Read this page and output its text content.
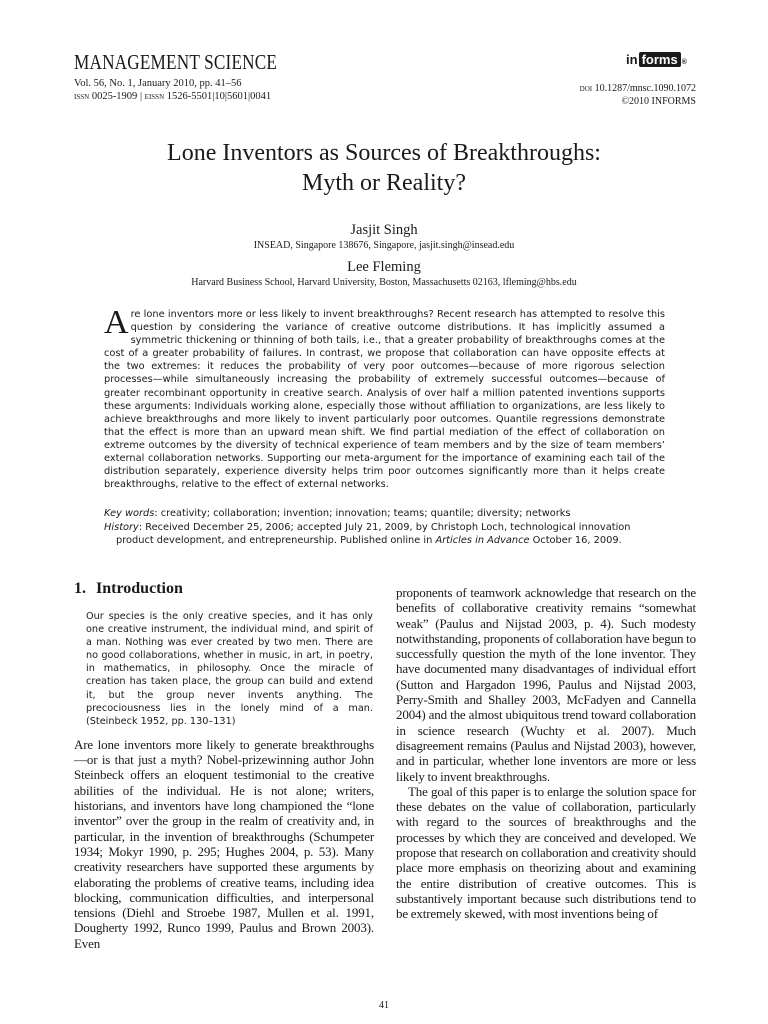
MANAGEMENT SCIENCE
Vol. 56, No. 1, January 2010, pp. 41–56
issn 0025-1909 | eissn 1526-5501|10|5601|0041
in forms ®
doi 10.1287/mnsc.1090.1072
©2010 INFORMS
Lone Inventors as Sources of Breakthroughs:
Myth or Reality?
Jasjit Singh
INSEAD, Singapore 138676, Singapore, jasjit.singh@insead.edu
Lee Fleming
Harvard Business School, Harvard University, Boston, Massachusetts 02163, lfleming@hbs.edu
Are lone inventors more or less likely to invent breakthroughs? Recent research has attempted to resolve this question by considering the variance of creative outcome distributions. It has implicitly assumed a symmetric thickening or thinning of both tails, i.e., that a greater probability of breakthroughs comes at the cost of a greater probability of failures. In contrast, we propose that collaboration can have opposite effects at the two extremes: it reduces the probability of very poor outcomes—because of more rigorous selection processes—while simultaneously increasing the probability of extremely successful outcomes—because of greater recombinant opportunity in creative search. Analysis of over half a million patented inventions supports these arguments: Individuals working alone, especially those without affiliation to organizations, are less likely to achieve breakthroughs and more likely to invent particularly poor outcomes. Quantile regressions demonstrate that the effect is more than an upward mean shift. We find partial mediation of the effect of collaboration on extreme outcomes by the diversity of technical experience of team members and by the size of team members’ external collaboration networks. Supporting our meta-argument for the importance of examining each tail of the distribution separately, experience diversity helps trim poor outcomes significantly more than it helps create breakthroughs, relative to the effect of external networks.
Key words: creativity; collaboration; invention; innovation; teams; quantile; diversity; networks
History: Received December 25, 2006; accepted July 21, 2009, by Christoph Loch, technological innovation product development, and entrepreneurship. Published online in Articles in Advance October 16, 2009.
1. Introduction
Our species is the only creative species, and it has only one creative instrument, the individual mind, and spirit of a man. Nothing was ever created by two men. There are no good collaborations, whether in music, in art, in poetry, in mathematics, in philosophy. Once the miracle of creation has taken place, the group can build and extend it, but the group never invents anything. The precociousness lies in the lonely mind of a man. (Steinbeck 1952, pp. 130–131)

Are lone inventors more likely to generate breakthroughs—or is that just a myth? Nobel-prizewinning author John Steinbeck offers an eloquent testimonial to the creative abilities of the individual. He is not alone; writers, historians, and inventors have long championed the “lone inventor” over the group in the realm of creativity and, in particular, in the invention of breakthroughs (Schumpeter 1934; Mokyr 1990, p. 295; Hughes 2004, p. 53). Many creativity researchers have supported these arguments by elaborating the problems of creative teams, including idea blocking, communication difficulties, and interpersonal tensions (Diehl and Stroebe 1987, Mullen et al. 1991, Dougherty 1992, Runco 1999, Paulus and Brown 2003). Even

proponents of teamwork acknowledge that research on the benefits of collaborative creativity remains “somewhat weak” (Paulus and Nijstad 2003, p. 4). Such modesty notwithstanding, proponents of collaboration have begun to successfully question the myth of the lone inventor. They have documented many disadvantages of individual effort (Sutton and Hargadon 1996, Paulus and Nijstad 2003, Perry-Smith and Shalley 2003, McFadyen and Cannella 2004) and the almost ubiquitous trend toward collaboration in science research (Wuchty et al. 2007). Much disagreement remains (Paulus and Nijstad 2003), however, and in particular, whether lone inventors are more or less likely to invent breakthroughs.

The goal of this paper is to enlarge the solution space for these debates on the value of collaboration, particularly with regard to the sources of breakthroughs and the processes by which they are conceived and developed. We propose that research on collaboration and creativity should place more emphasis on theorizing about and examining the entire distribution of creative outcomes. This is substantively important because such distributions tend to be extremely skewed, with most inventions being of

41
